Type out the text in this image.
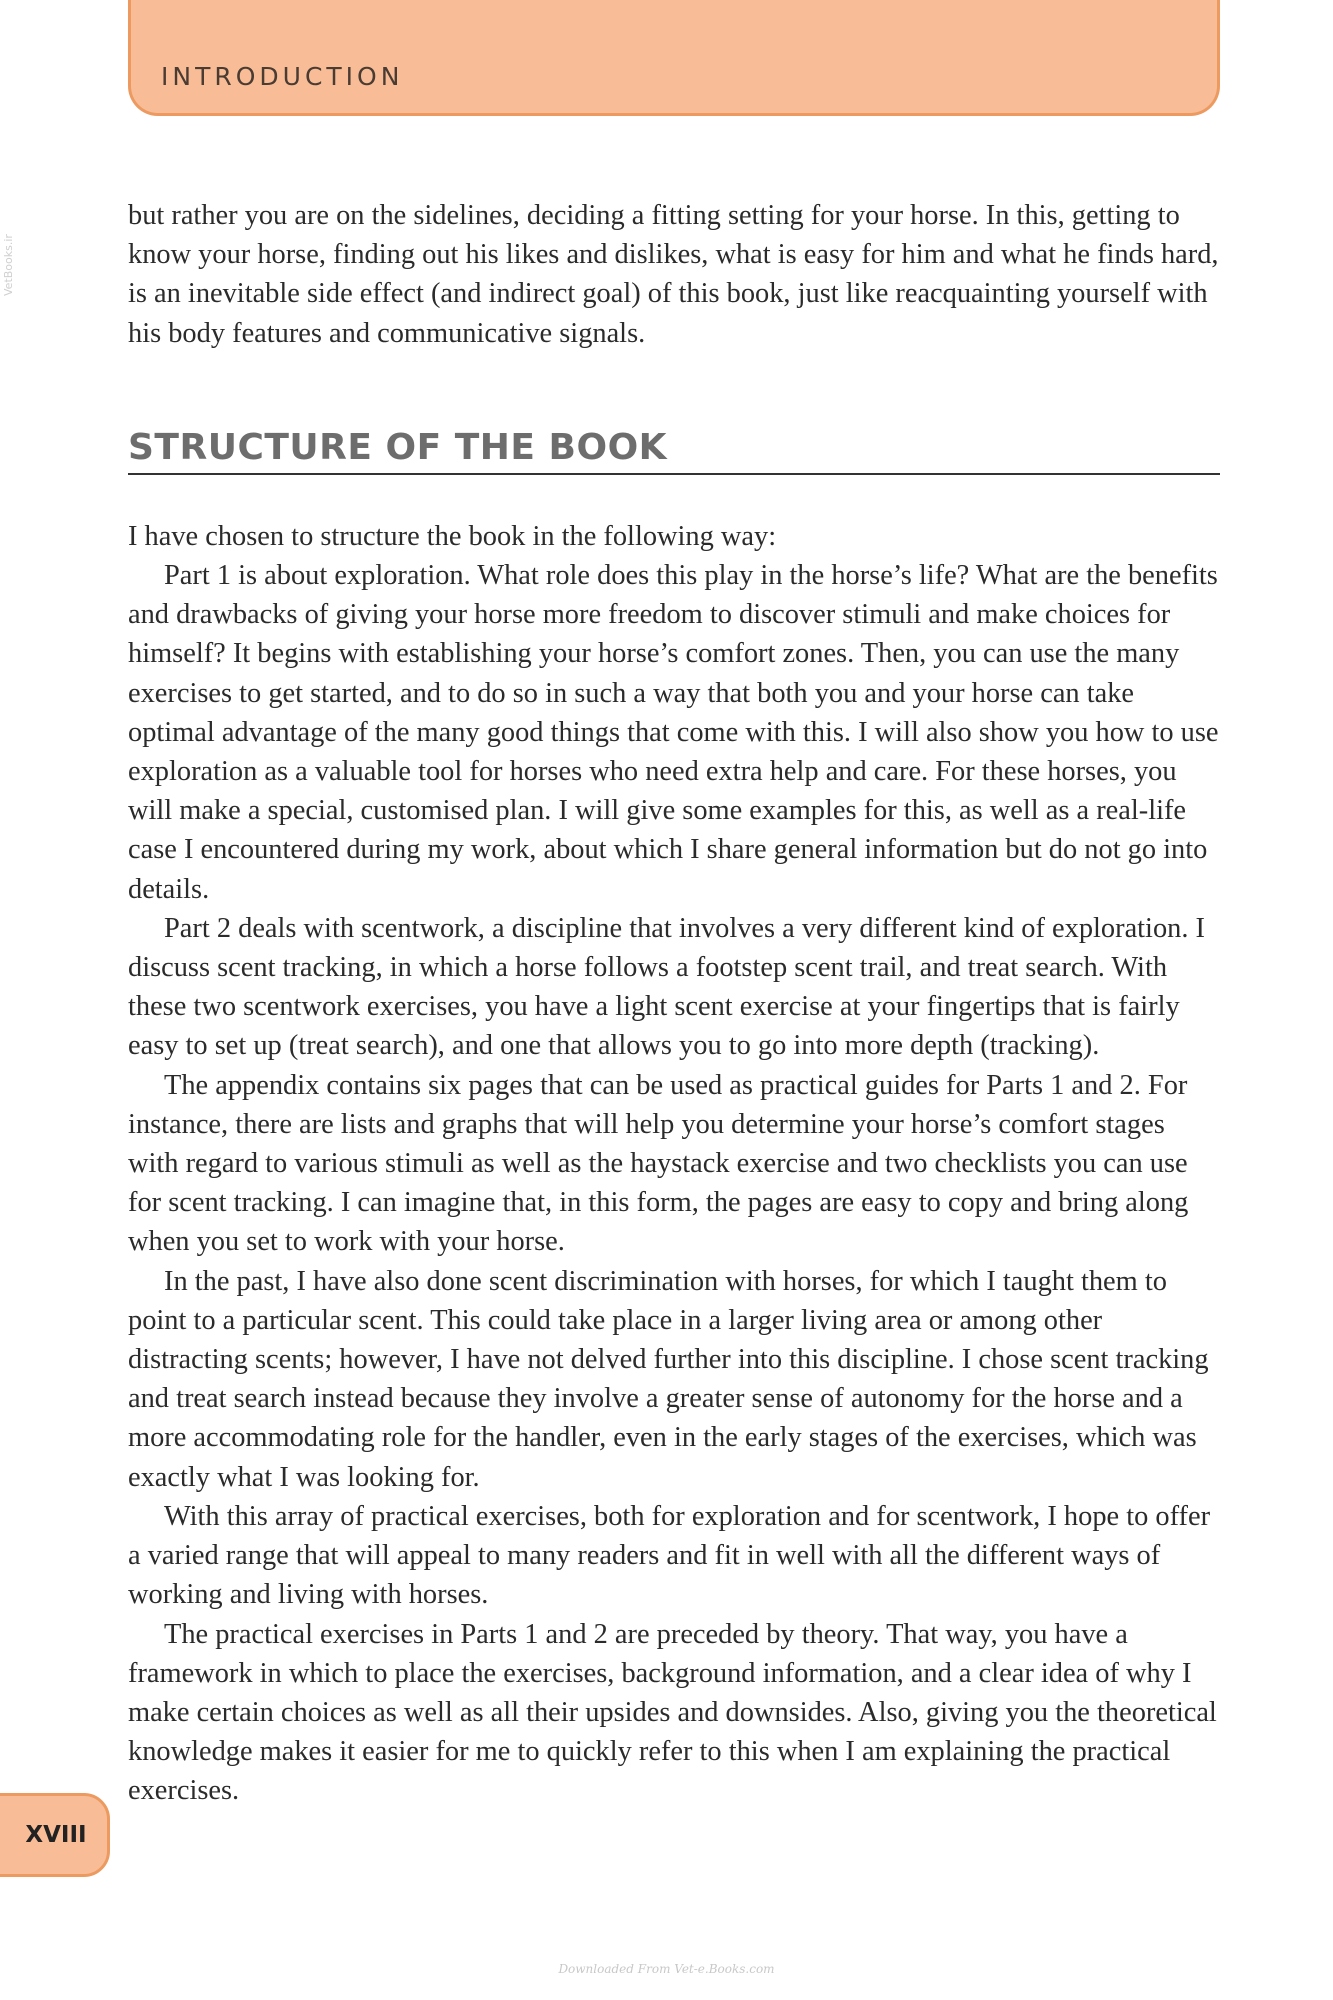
INTRODUCTION
VetBooks.ir

but rather you are on the sidelines, deciding a fitting setting for your horse. In this, getting to know your horse, finding out his likes and dislikes, what is easy for him and what he finds hard, is an inevitable side effect (and indirect goal) of this book, just like reacquainting yourself with his body features and communicative signals.

STRUCTURE OF THE BOOK

I have chosen to structure the book in the following way:

Part 1 is about exploration. What role does this play in the horse’s life? What are the benefits and drawbacks of giving your horse more freedom to discover stimuli and make choices for himself? It begins with establishing your horse’s comfort zones. Then, you can use the many exercises to get started, and to do so in such a way that both you and your horse can take optimal advantage of the many good things that come with this. I will also show you how to use exploration as a valuable tool for horses who need extra help and care. For these horses, you will make a special, customised plan. I will give some examples for this, as well as a real-life case I encountered during my work, about which I share general information but do not go into details.

Part 2 deals with scentwork, a discipline that involves a very different kind of exploration. I discuss scent tracking, in which a horse follows a footstep scent trail, and treat search. With these two scentwork exercises, you have a light scent exercise at your fingertips that is fairly easy to set up (treat search), and one that allows you to go into more depth (tracking).

The appendix contains six pages that can be used as practical guides for Parts 1 and 2. For instance, there are lists and graphs that will help you determine your horse’s comfort stages with regard to various stimuli as well as the haystack exercise and two checklists you can use for scent tracking. I can imagine that, in this form, the pages are easy to copy and bring along when you set to work with your horse.

In the past, I have also done scent discrimination with horses, for which I taught them to point to a particular scent. This could take place in a larger living area or among other distracting scents; however, I have not delved further into this discipline. I chose scent tracking and treat search instead because they involve a greater sense of autonomy for the horse and a more accommodating role for the handler, even in the early stages of the exercises, which was exactly what I was looking for.

With this array of practical exercises, both for exploration and for scentwork, I hope to offer a varied range that will appeal to many readers and fit in well with all the different ways of working and living with horses.

The practical exercises in Parts 1 and 2 are preceded by theory. That way, you have a framework in which to place the exercises, background information, and a clear idea of why I make certain choices as well as all their upsides and downsides. Also, giving you the theoretical knowledge makes it easier for me to quickly refer to this when I am explaining the practical exercises.

XVIII
Downloaded From Vet-e.Books.com
